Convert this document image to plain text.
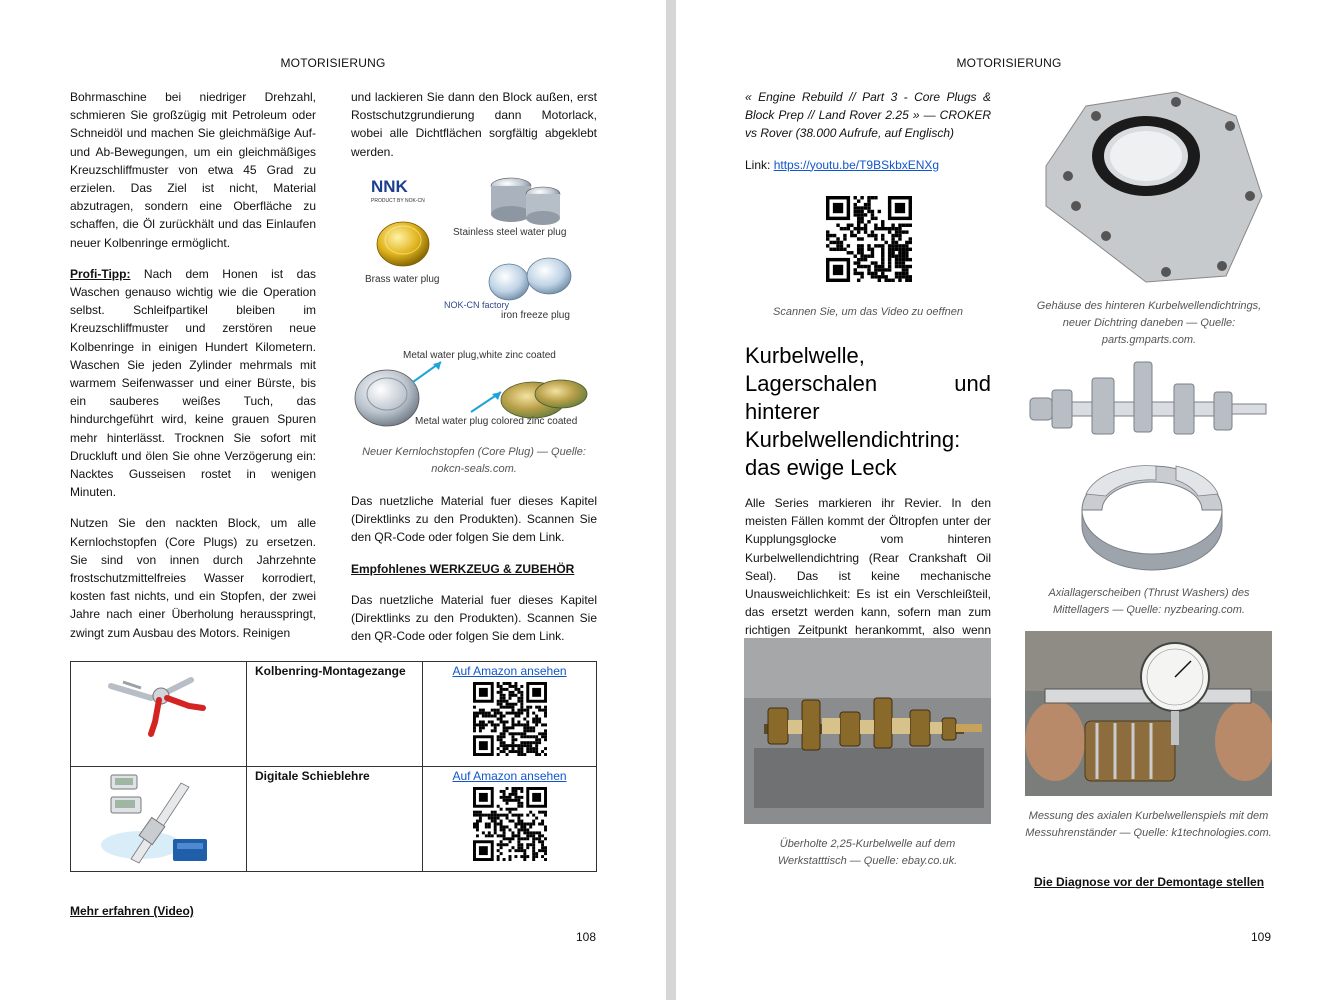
MOTORISIERUNG

Bohrmaschine bei niedriger Drehzahl, schmieren Sie großzügig mit Petroleum oder Schneidöl und machen Sie gleichmäßige Auf- und Ab-Bewegungen, um ein gleichmäßiges Kreuzschliffmuster von etwa 45 Grad zu erzielen. Das Ziel ist nicht, Material abzutragen, sondern eine Oberfläche zu schaffen, die Öl zurückhält und das Einlaufen neuer Kolbenringe ermöglicht.

Profi-Tipp: Nach dem Honen ist das Waschen genauso wichtig wie die Operation selbst. Schleifpartikel bleiben im Kreuzschliffmuster und zerstören neue Kolbenringe in einigen Hundert Kilometern. Waschen Sie jeden Zylinder mehrmals mit warmem Seifenwasser und einer Bürste, bis ein sauberes weißes Tuch, das hindurchgeführt wird, keine grauen Spuren mehr hinterlässt. Trocknen Sie sofort mit Druckluft und ölen Sie ohne Verzögerung ein: Nacktes Gusseisen rostet in wenigen Minuten.

Nutzen Sie den nackten Block, um alle Kernlochstopfen (Core Plugs) zu ersetzen. Sie sind von innen durch Jahrzehnte frostschutzmittelfreies Wasser korrodiert, kosten fast nichts, und ein Stopfen, der zwei Jahre nach einer Überholung herausspringt, zwingt zum Ausbau des Motors. Reinigen

und lackieren Sie dann den Block außen, erst Rostschutzgrundierung dann Motorlack, wobei alle Dichtflächen sorgfältig abgeklebt werden.

NNK
PRODUCT BY NOK-CN
Stainless steel water plug
Brass water plug
NOK-CN factory
iron freeze plug
Metal water plug,white zinc coated
Metal water plug colored zinc coated
Neuer Kernlochstopfen (Core Plug) — Quelle: nokcn-seals.com.

Das nuetzliche Material fuer dieses Kapitel (Direktlinks zu den Produkten). Scannen Sie den QR-Code oder folgen Sie dem Link.

Empfohlenes WERKZEUG & ZUBEHÖR

Das nuetzliche Material fuer dieses Kapitel (Direktlinks zu den Produkten). Scannen Sie den QR-Code oder folgen Sie dem Link.

	Kolbenring-Montagezange	Auf Amazon ansehen

	Digitale Schieblehre	Auf Amazon ansehen
Mehr erfahren (Video)
108
MOTORISIERUNG

« Engine Rebuild // Part 3 - Core Plugs & Block Prep // Land Rover 2.25 » — CROKER vs Rover (38.000 Aufrufe, auf Englisch)

Link: https://youtu.be/T9BSkbxENXg

Scannen Sie, um das Video zu oeffnen
Kurbelwelle, Lagerschalen und hinterer Kurbelwellendichtring: das ewige Leck

Alle Series markieren ihr Revier. In den meisten Fällen kommt der Öltropfen unter der Kupplungsglocke vom hinteren Kurbelwellendichtring (Rear Crankshaft Oil Seal). Das ist keine mechanische Unausweichlichkeit: Es ist ein Verschleißteil, das ersetzt werden kann, sofern man zum richtigen Zeitpunkt herankommt, also wenn

Überholte 2,25-Kurbelwelle auf dem Werkstatttisch — Quelle: ebay.co.uk.
Gehäuse des hinteren Kurbelwellendichtrings, neuer Dichtring daneben — Quelle: parts.gmparts.com.
Axiallagerscheiben (Thrust Washers) des Mittellagers — Quelle: nyzbearing.com.
Messung des axialen Kurbelwellenspiels mit dem Messuhrenständer — Quelle: k1technologies.com.
Die Diagnose vor der Demontage stellen
109
